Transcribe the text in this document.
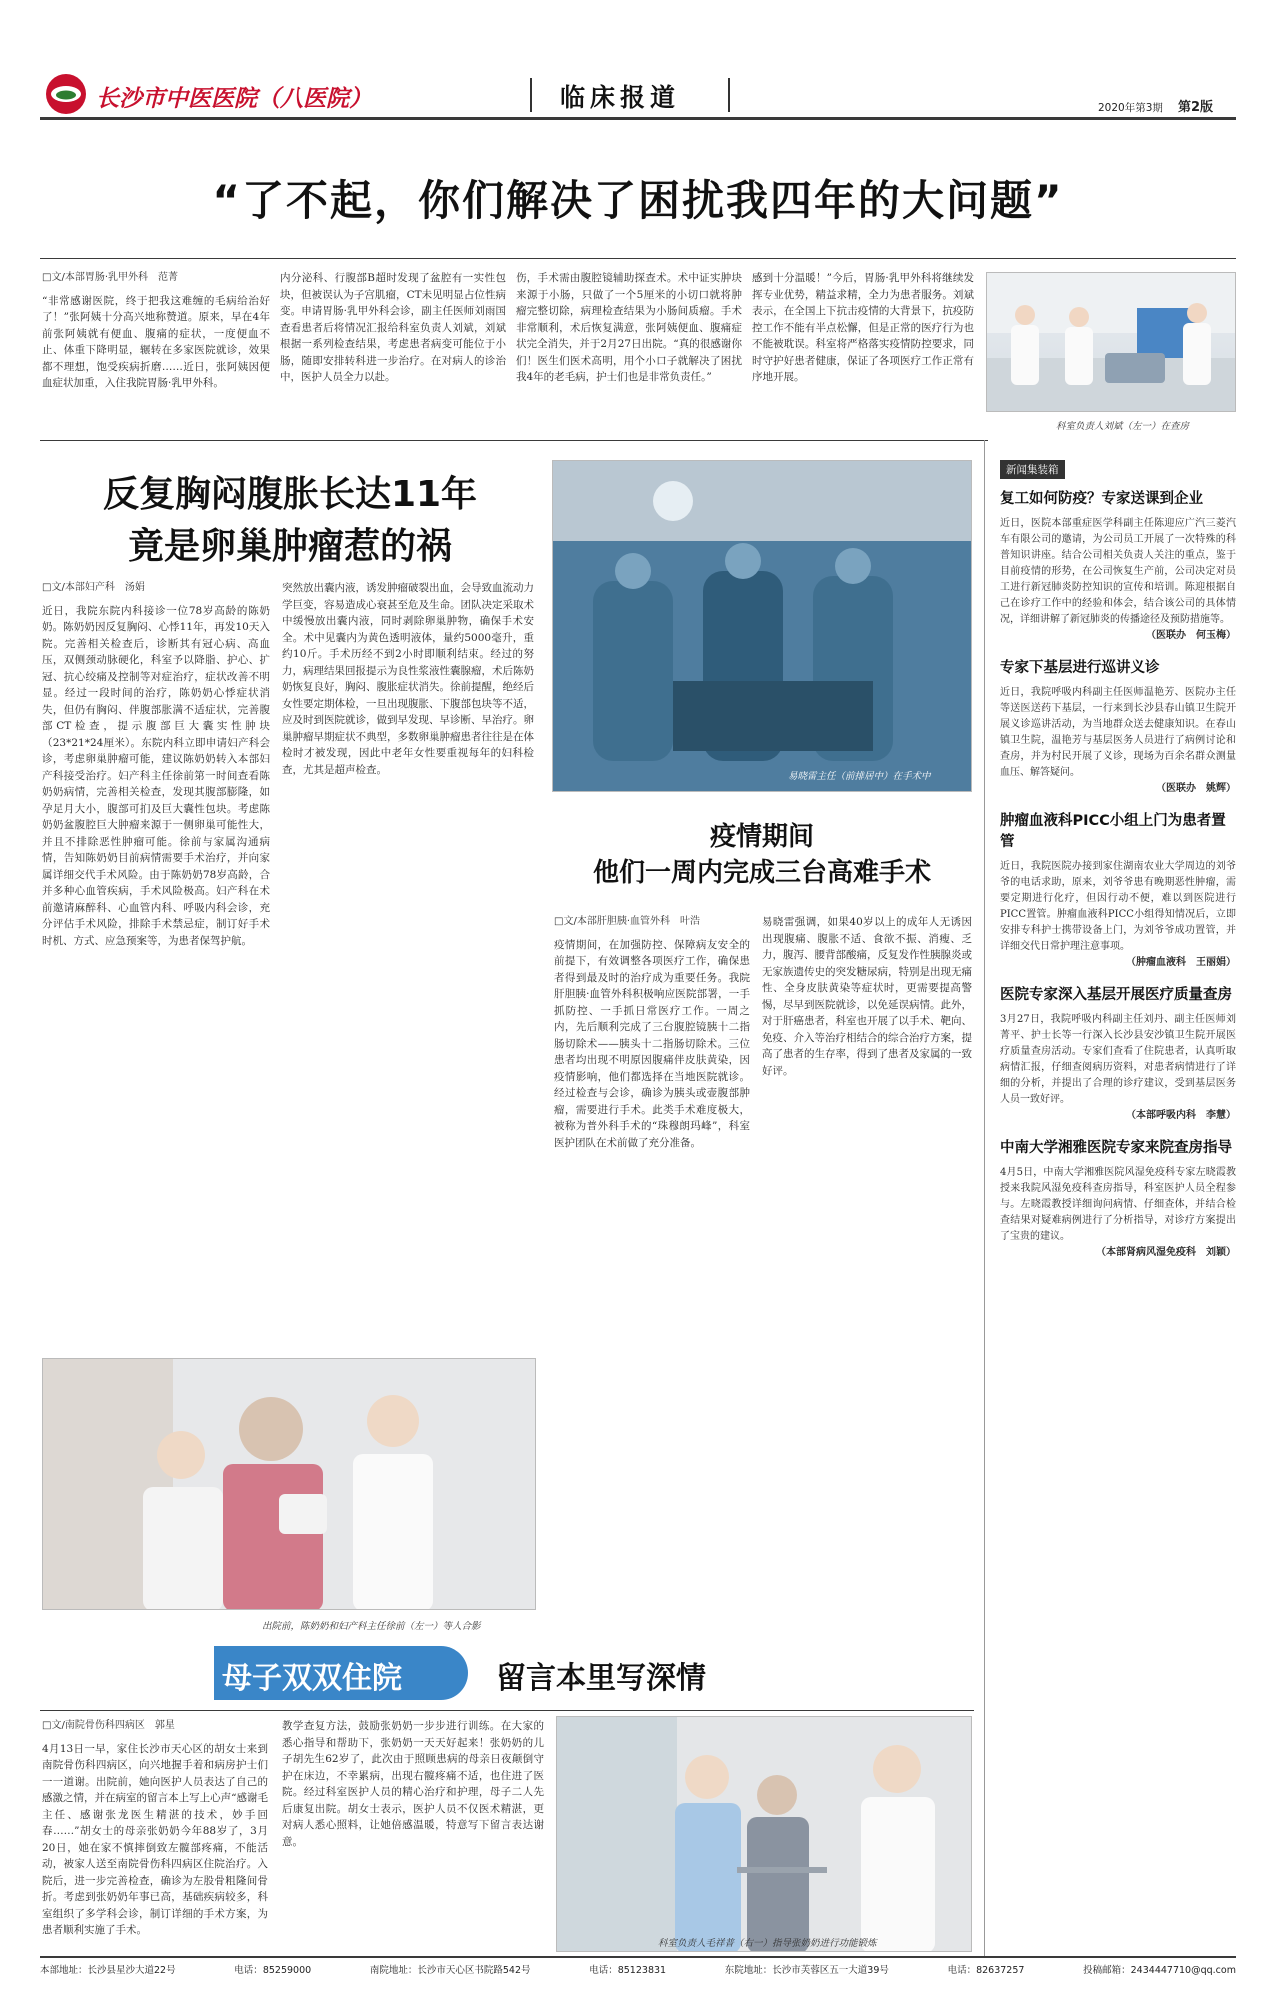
长沙市中医医院（八医院）	临床报道	2020年第3期 第2版
“了不起，你们解决了困扰我四年的大问题”
□文/本部胃肠·乳甲外科　范菁
“非常感谢医院，终于把我这难缠的毛病给治好了！”张阿姨十分高兴地称赞道。原来，早在4年前张阿姨就有便血、腹痛的症状，一度便血不止、体重下降明显，辗转在多家医院就诊，效果都不理想，饱受疾病折磨……近日，张阿姨因便血症状加重，入住我院胃肠·乳甲外科。
内分泌科、行腹部B超时发现了盆腔有一实性包块，但被误认为子宫肌瘤，CT未见明显占位性病变。申请胃肠·乳甲外科会诊，副主任医师刘雨国查看患者后将情况汇报给科室负责人刘斌，刘斌根据一系列检查结果，考虑患者病变可能位于小肠，随即安排转科进一步治疗。在对病人的诊治中，医护人员全力以赴。
伤，手术需由腹腔镜辅助探查术。术中证实肿块来源于小肠，只做了一个5厘米的小切口就将肿瘤完整切除，病理检查结果为小肠间质瘤。手术非常顺利，术后恢复满意，张阿姨便血、腹痛症状完全消失，并于2月27日出院。“真的很感谢你们！医生们医术高明，用个小口子就解决了困扰我4年的老毛病，护士们也是非常负责任。”
感到十分温暖！”今后，胃肠·乳甲外科将继续发挥专业优势，精益求精，全力为患者服务。刘斌表示，在全国上下抗击疫情的大背景下，抗疫防控工作不能有半点松懈，但是正常的医疗行为也不能被耽误。科室将严格落实疫情防控要求，同时守护好患者健康，保证了各项医疗工作正常有序地开展。
科室负责人刘斌（左一）在查房
反复胸闷腹胀长达11年
竟是卵巢肿瘤惹的祸
□文/本部妇产科　汤娟
近日，我院东院内科接诊一位78岁高龄的陈奶奶。陈奶奶因反复胸闷、心悸11年，再发10天入院。完善相关检查后，诊断其有冠心病、高血压，双侧颈动脉硬化，科室予以降脂、护心、扩冠、抗心绞痛及控制等对症治疗，症状改善不明显。经过一段时间的治疗，陈奶奶心悸症状消失，但仍有胸闷、伴腹部胀满不适症状，完善腹部CT检查，提示腹部巨大囊实性肿块（23*21*24厘米）。东院内科立即申请妇产科会诊，考虑卵巢肿瘤可能，建议陈奶奶转入本部妇产科接受治疗。妇产科主任徐前第一时间查看陈奶奶病情，完善相关检查，发现其腹部膨隆，如孕足月大小，腹部可扪及巨大囊性包块。考虑陈奶奶盆腹腔巨大肿瘤来源于一侧卵巢可能性大，并且不排除恶性肿瘤可能。徐前与家属沟通病情，告知陈奶奶目前病情需要手术治疗，并向家属详细交代手术风险。由于陈奶奶78岁高龄，合并多种心血管疾病，手术风险极高。妇产科在术前邀请麻醉科、心血管内科、呼吸内科会诊，充分评估手术风险，排除手术禁忌症，制订好手术时机、方式、应急预案等，为患者保驾护航。
突然放出囊内液，诱发肿瘤破裂出血，会导致血流动力学巨变，容易造成心衰甚至危及生命。团队决定采取术中缓慢放出囊内液，同时剥除卵巢肿物，确保手术安全。术中见囊内为黄色透明液体，量约5000毫升，重约10斤。手术历经不到2小时即顺利结束。经过的努力，病理结果回报提示为良性浆液性囊腺瘤，术后陈奶奶恢复良好，胸闷、腹胀症状消失。徐前提醒，绝经后女性要定期体检，一旦出现腹胀、下腹部包块等不适，应及时到医院就诊，做到早发现、早诊断、早治疗。卵巢肿瘤早期症状不典型，多数卵巢肿瘤患者往往是在体检时才被发现，因此中老年女性要重视每年的妇科检查，尤其是超声检查。
出院前，陈奶奶和妇产科主任徐前（左一）等人合影
易晓雷主任（前排居中）在手术中
疫情期间
他们一周内完成三台高难手术
□文/本部肝胆胰·血管外科　叶浩
疫情期间，在加强防控、保障病友安全的前提下，有效调整各项医疗工作，确保患者得到最及时的治疗成为重要任务。我院肝胆胰·血管外科积极响应医院部署，一手抓防控、一手抓日常医疗工作。一周之内，先后顺利完成了三台腹腔镜胰十二指肠切除术——胰头十二指肠切除术。三位患者均出现不明原因腹痛伴皮肤黄染，因疫情影响，他们都选择在当地医院就诊。经过检查与会诊，确诊为胰头或壶腹部肿瘤，需要进行手术。此类手术难度极大，被称为普外科手术的“珠穆朗玛峰”，科室医护团队在术前做了充分准备。
易晓雷强调，如果40岁以上的成年人无诱因出现腹痛、腹胀不适、食欲不振、消瘦、乏力，腹泻、腰背部酸痛，反复发作性胰腺炎或无家族遗传史的突发糖尿病，特别是出现无痛性、全身皮肤黄染等症状时，更需要提高警惕，尽早到医院就诊，以免延误病情。此外，对于肝癌患者，科室也开展了以手术、靶向、免疫、介入等治疗相结合的综合治疗方案，提高了患者的生存率，得到了患者及家属的一致好评。
母子双双住院	留言本里写深情
□文/南院骨伤科四病区　郭星
4月13日一早，家住长沙市天心区的胡女士来到南院骨伤科四病区，向兴地握手着和病房护士们一一道谢。出院前，她向医护人员表达了自己的感激之情，并在病室的留言本上写上心声“感谢毛主任、感谢张龙医生精湛的技术，妙手回春……”胡女士的母亲张奶奶今年88岁了，3月20日，她在家不慎摔倒致左髋部疼痛，不能活动，被家人送至南院骨伤科四病区住院治疗。入院后，进一步完善检查，确诊为左股骨粗隆间骨折。考虑到张奶奶年事已高，基础疾病较多，科室组织了多学科会诊，制订详细的手术方案，为患者顺利实施了手术。
教学查复方法，鼓励张奶奶一步步进行训练。在大家的悉心指导和帮助下，张奶奶一天天好起来！张奶奶的儿子胡先生62岁了，此次由于照顾患病的母亲日夜颠倒守护在床边，不幸累病，出现右髋疼痛不适，也住进了医院。经过科室医护人员的精心治疗和护理，母子二人先后康复出院。胡女士表示，医护人员不仅医术精湛，更对病人悉心照料，让她倍感温暖，特意写下留言表达谢意。
科室负责人毛祥普（右一）指导张奶奶进行功能锻炼
新闻集装箱
复工如何防疫？专家送课到企业
近日，医院本部重症医学科副主任陈迎应广汽三菱汽车有限公司的邀请，为公司员工开展了一次特殊的科普知识讲座。结合公司相关负责人关注的重点，鉴于目前疫情的形势，在公司恢复生产前，公司决定对员工进行新冠肺炎防控知识的宣传和培训。陈迎根据自己在诊疗工作中的经验和体会，结合该公司的具体情况，详细讲解了新冠肺炎的传播途径及预防措施等。
（医联办　何玉梅）
专家下基层进行巡讲义诊
近日，我院呼吸内科副主任医师温艳芳、医院办主任等送医送药下基层，一行来到长沙县春山镇卫生院开展义诊巡讲活动，为当地群众送去健康知识。在春山镇卫生院，温艳芳与基层医务人员进行了病例讨论和查房，并为村民开展了义诊，现场为百余名群众测量血压、解答疑问。
（医联办　姚辉）
肿瘤血液科PICC小组上门为患者置管
近日，我院医院办接到家住湖南农业大学周边的刘爷爷的电话求助，原来，刘爷爷患有晚期恶性肿瘤，需要定期进行化疗，但因行动不便，难以到医院进行PICC置管。肿瘤血液科PICC小组得知情况后，立即安排专科护士携带设备上门，为刘爷爷成功置管，并详细交代日常护理注意事项。
（肿瘤血液科　王丽娟）
医院专家深入基层开展医疗质量查房
3月27日，我院呼吸内科副主任刘丹、副主任医师刘菁平、护士长等一行深入长沙县安沙镇卫生院开展医疗质量查房活动。专家们查看了住院患者，认真听取病情汇报，仔细查阅病历资料，对患者病情进行了详细的分析，并提出了合理的诊疗建议，受到基层医务人员一致好评。
（本部呼吸内科　李慧）
中南大学湘雅医院专家来院查房指导
4月5日，中南大学湘雅医院风湿免疫科专家左晓霞教授来我院风湿免疫科查房指导，科室医护人员全程参与。左晓霞教授详细询问病情、仔细查体，并结合检查结果对疑难病例进行了分析指导，对诊疗方案提出了宝贵的建议。
（本部肾病风湿免疫科　刘颖）
本部地址：长沙县星沙大道22号	电话：85259000	南院地址：长沙市天心区书院路542号	电话：85123831	东院地址：长沙市芙蓉区五一大道39号	电话：82637257	投稿邮箱：2434447710@qq.com
